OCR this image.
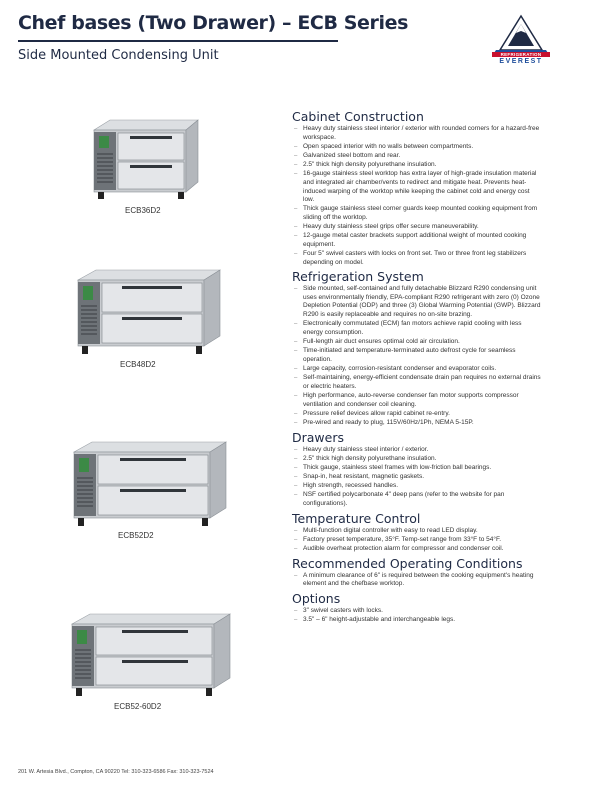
Chef bases (Two Drawer) – ECB Series
Side Mounted Condensing Unit	REFRIGERATION
EVEREST
ECB36D2
ECB48D2
ECB52D2
ECB52-60D2
Cabinet Construction
– Heavy duty stainless steel interior / exterior with rounded corners for a hazard-free workspace.
– Open spaced interior with no walls between compartments.
– Galvanized steel bottom and rear.
– 2.5" thick high density polyurethane insulation.
– 16-gauge stainless steel worktop has extra layer of high-grade insulation material and integrated air chamber/vents to redirect and mitigate heat. Prevents heat-induced warping of the worktop while keeping the cabinet cold and energy cost low.
– Thick gauge stainless steel corner guards keep mounted cooking equipment from sliding off the worktop.
– Heavy duty stainless steel grips offer secure maneuverability.
– 12-gauge metal caster brackets support additional weight of mounted cooking equipment.
– Four 5" swivel casters with locks on front set. Two or three front leg stabilizers depending on model.
Refrigeration System
– Side mounted, self-contained and fully detachable Blizzard R290 condensing unit uses environmentally friendly, EPA-compliant R290 refrigerant with zero (0) Ozone Depletion Potential (ODP) and three (3) Global Warming Potential (GWP). Blizzard R290 is easily replaceable and requires no on-site brazing.
– Electronically commutated (ECM) fan motors achieve rapid cooling with less energy consumption.
– Full-length air duct ensures optimal cold air circulation.
– Time-initiated and temperature-terminated auto defrost cycle for seamless operation.
– Large capacity, corrosion-resistant condenser and evaporator coils.
– Self-maintaining, energy-efficient condensate drain pan requires no external drains or electric heaters.
– High performance, auto-reverse condenser fan motor supports compressor ventilation and condenser coil cleaning.
– Pressure relief devices allow rapid cabinet re-entry.
– Pre-wired and ready to plug, 115V/60Hz/1Ph, NEMA 5-15P.
Drawers
– Heavy duty stainless steel interior / exterior.
– 2.5" thick high density polyurethane insulation.
– Thick gauge, stainless steel frames with low-friction ball bearings.
– Snap-in, heat resistant, magnetic gaskets.
– High strength, recessed handles.
– NSF certified polycarbonate 4" deep pans (refer to the website for pan configurations).
Temperature Control
– Multi-function digital controller with easy to read LED display.
– Factory preset temperature, 35°F. Temp-set range from 33°F to 54°F.
– Audible overheat protection alarm for compressor and condenser coil.
Recommended Operating Conditions
– A minimum clearance of 6" is required between the cooking equipment's heating element and the chefbase worktop.
Options
– 3" swivel casters with locks.
– 3.5" – 6" height-adjustable and interchangeable legs.
201 W. Artesia Blvd., Compton, CA 90220 Tel: 310-323-6586 Fax: 310-323-7524
